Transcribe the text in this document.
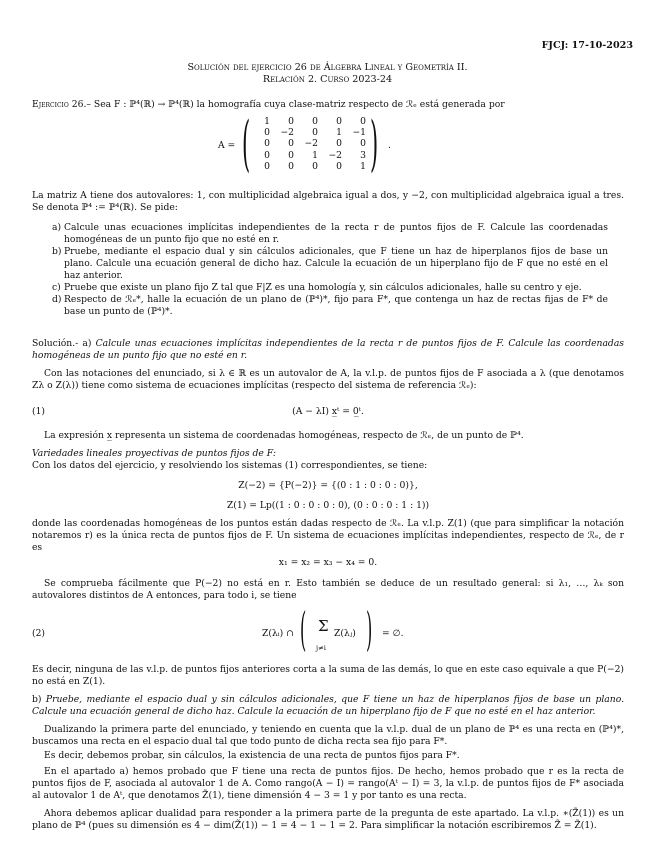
FJCJ: 17-10-2023
Solución del ejercicio 26 de Álgebra Lineal y Geometría II.
Relación 2. Curso 2023-24
Ejercicio 26.– Sea F : ℙ⁴(ℝ) → ℙ⁴(ℝ) la homografía cuya clase-matriz respecto de ℛₑ está generada por
A = ( 1	0	0	0	0
0	−2	0	1	−1
0	0	−2	0	0
0	0	1	−2	3
0	0	0	0	1 ) .
La matriz A tiene dos autovalores: 1, con multiplicidad algebraica igual a dos, y −2, con multiplicidad algebraica igual a tres. Se denota ℙ⁴ := ℙ⁴(ℝ). Se pide:
a) Calcule unas ecuaciones implícitas independientes de la recta r de puntos fijos de F. Calcule las coordenadas homogéneas de un punto fijo que no esté en r.
b) Pruebe, mediante el espacio dual y sin cálculos adicionales, que F tiene un haz de hiperplanos fijos de base un plano. Calcule una ecuación general de dicho haz. Calcule la ecuación de un hiperplano fijo de F que no esté en el haz anterior.
c) Pruebe que existe un plano fijo Z tal que F|Z es una homología y, sin cálculos adicionales, halle su centro y eje.
d) Respecto de ℛₑ*, halle la ecuación de un plano de (ℙ⁴)*, fijo para F*, que contenga un haz de rectas fijas de F* de base un punto de (ℙ⁴)*.
Solución.- a) Calcule unas ecuaciones implícitas independientes de la recta r de puntos fijos de F. Calcule las coordenadas homogéneas de un punto fijo que no esté en r.
Con las notaciones del enunciado, si λ ∈ ℝ es un autovalor de A, la v.l.p. de puntos fijos de F asociada a λ (que denotamos Zλ o Z(λ)) tiene como sistema de ecuaciones implícitas (respecto del sistema de referencia ℛₑ):
(1)	(A − λI) x̲ᵗ = 0̲ᵗ.
La expresión x̲ representa un sistema de coordenadas homogéneas, respecto de ℛₑ, de un punto de ℙ⁴.
Variedades lineales proyectivas de puntos fijos de F:
Con los datos del ejercicio, y resolviendo los sistemas (1) correspondientes, se tiene:
Z(−2) = {P(−2)} = {(0 : 1 : 0 : 0 : 0)},
Z(1) = Lp((1 : 0 : 0 : 0 : 0), (0 : 0 : 0 : 1 : 1))
donde las coordenadas homogéneas de los puntos están dadas respecto de ℛₑ. La v.l.p. Z(1) (que para simplificar la notación notaremos r) es la única recta de puntos fijos de F. Un sistema de ecuaciones implícitas independientes, respecto de ℛₑ, de r es
x₁ = x₂ = x₃ − x₄ = 0.
Se comprueba fácilmente que P(−2) no está en r. Esto también se deduce de un resultado general: si λ₁, …, λₖ son autovalores distintos de A entonces, para todo i, se tiene
(2)	Z(λᵢ) ∩ ( Σ
j≠i
Z(λⱼ) ) = ∅.
Es decir, ninguna de las v.l.p. de puntos fijos anteriores corta a la suma de las demás, lo que en este caso equivale a que P(−2) no está en Z(1).
b) Pruebe, mediante el espacio dual y sin cálculos adicionales, que F tiene un haz de hiperplanos fijos de base un plano. Calcule una ecuación general de dicho haz. Calcule la ecuación de un hiperplano fijo de F que no esté en el haz anterior.
Dualizando la primera parte del enunciado, y teniendo en cuenta que la v.l.p. dual de un plano de ℙ⁴ es una recta en (ℙ⁴)*, buscamos una recta en el espacio dual tal que todo punto de dicha recta sea fijo para F*.
Es decir, debemos probar, sin cálculos, la existencia de una recta de puntos fijos para F*.
En el apartado a) hemos probado que F tiene una recta de puntos fijos. De hecho, hemos probado que r es la recta de puntos fijos de F, asociada al autovalor 1 de A. Como rango(A − I) = rango(Aᵗ − I) = 3, la v.l.p. de puntos fijos de F* asociada al autovalor 1 de Aᵗ, que denotamos Z̃(1), tiene dimensión 4 − 3 = 1 y por tanto es una recta.
Ahora debemos aplicar dualidad para responder a la primera parte de la pregunta de este apartado. La v.l.p. ∗(Z̃(1)) es un plano de ℙ⁴ (pues su dimensión es 4 − dim(Z̃(1)) − 1 = 4 − 1 − 1 = 2. Para simplificar la notación escribiremos Z̃ = Z̃(1).
